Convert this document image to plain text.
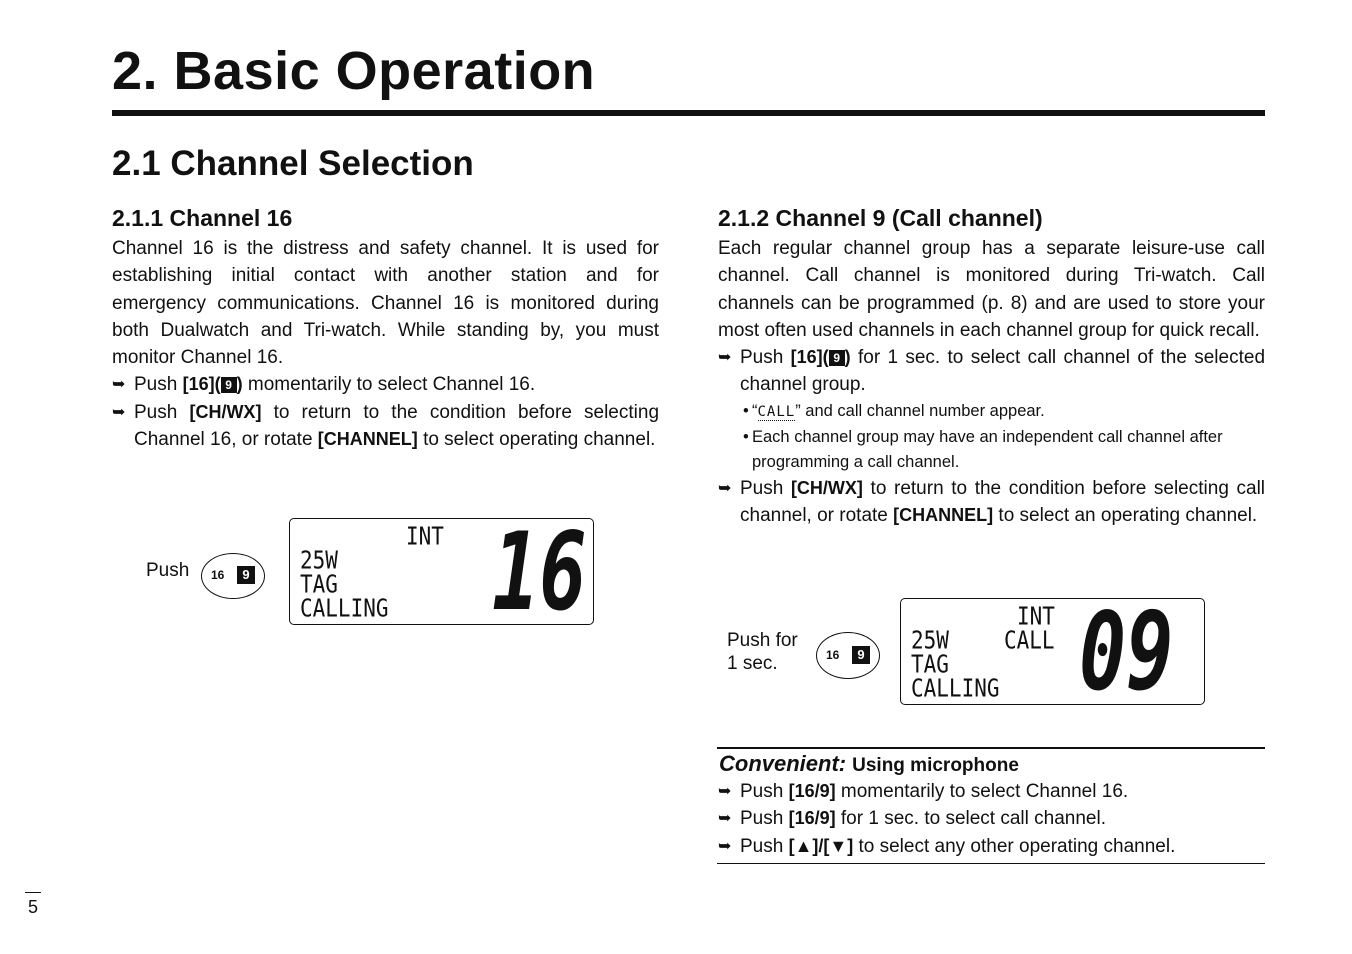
2. Basic Operation
2.1 Channel Selection
2.1.1 Channel 16

Channel 16 is the distress and safety channel. It is used for establishing initial contact with another station and for emergency communications. Channel 16 is monitored during both Dualwatch and Tri-watch. While standing by, you must monitor Channel 16.

➥ Push [16]( 9 ) momentarily to select Channel 16.
➥ Push [CH/WX] to return to the condition before selecting Channel 16, or rotate [CHANNEL] to select operating channel.
Push 16	9
INT
25W
TAG
CALLING 16
2.1.2 Channel 9 (Call channel)

Each regular channel group has a separate leisure-use call channel. Call channel is monitored during Tri-watch. Call channels can be programmed (p. 8) and are used to store your most often used channels in each channel group for quick recall.

➥ Push [16]( 9 ) for 1 sec. to select call channel of the selected channel group.
• “CALL” and call channel number appear.
• Each channel group may have an independent call channel after programming a call channel.
➥ Push [CH/WX] to return to the condition before selecting call channel, or rotate [CHANNEL] to select an operating channel.
Push for
1 sec.	16	9
INT
25W	CALL
TAG
CALLING 09
Convenient: Using microphone
➥ Push [16/9] momentarily to select Channel 16.
➥ Push [16/9] for 1 sec. to select call channel.
➥ Push [▲]/[▼] to select any other operating channel.
5
